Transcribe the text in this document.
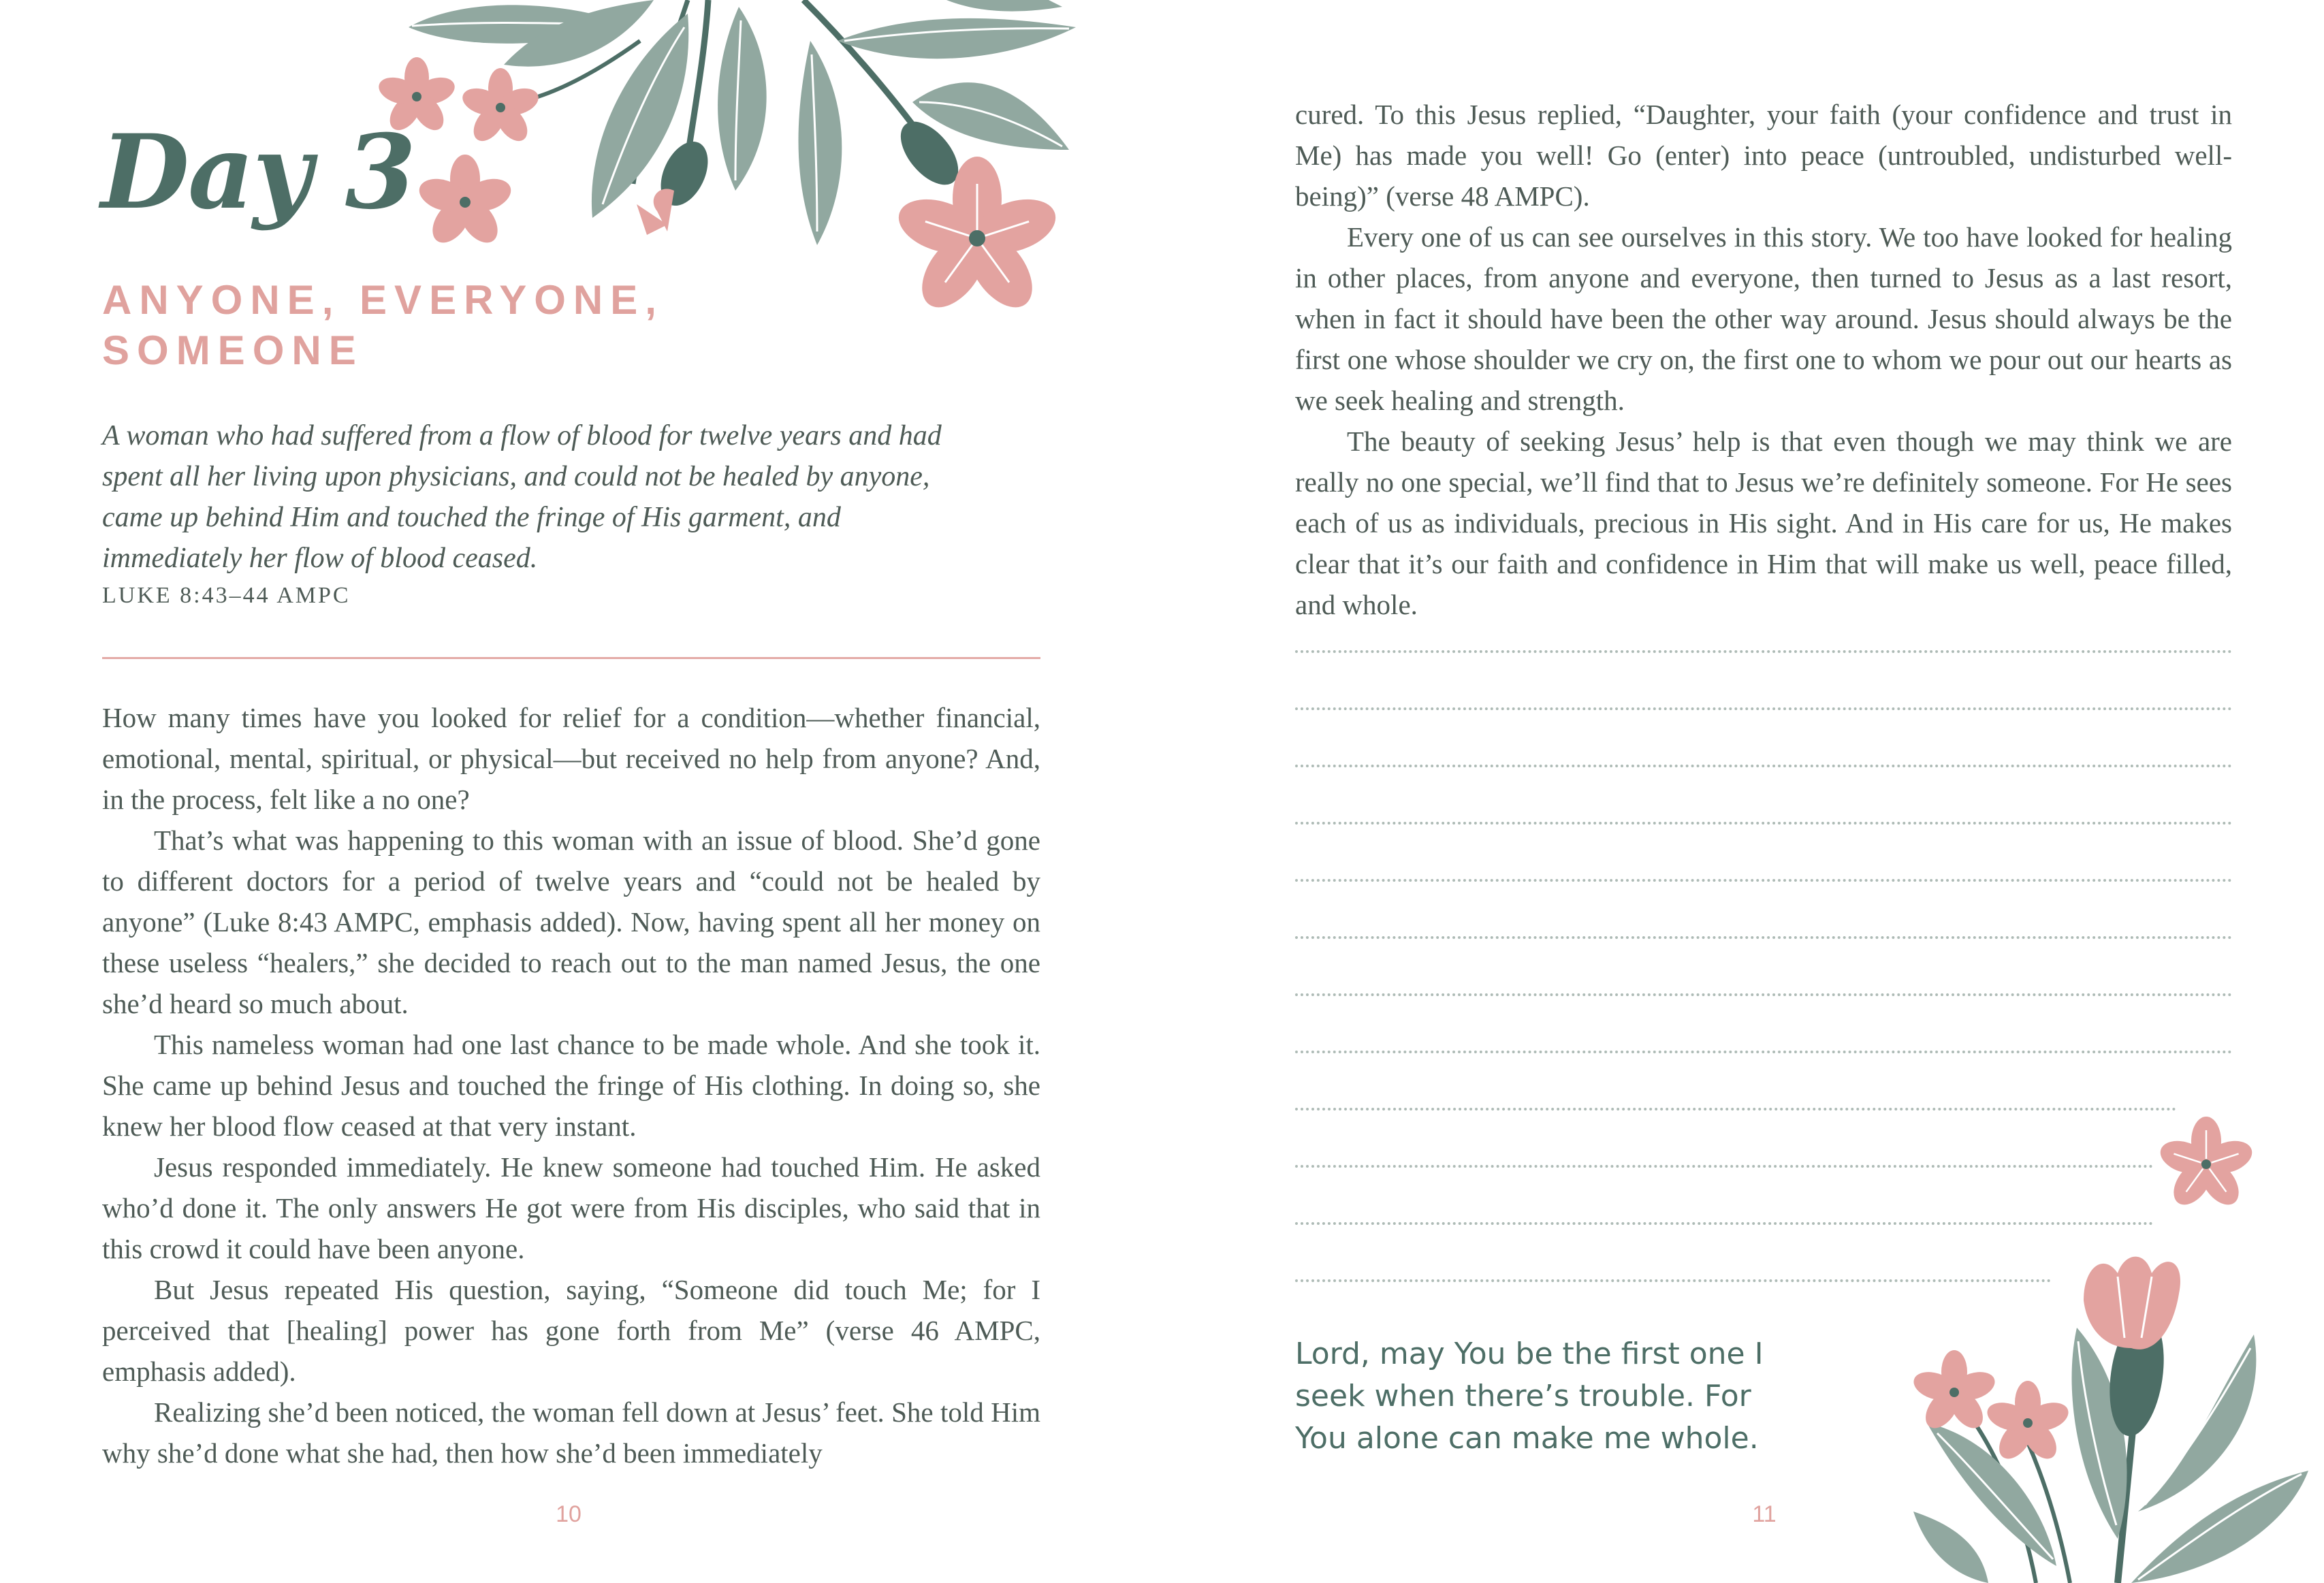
Day 3
ANYONE, EVERYONE,
SOMEONE

A woman who had suffered from a flow of blood for twelve years and had spent all her living upon physicians, and could not be healed by anyone, came up behind Him and touched the fringe of His garment, and immediately her flow of blood ceased.

LUKE 8:43–44 AMPC

How many times have you looked for relief for a condition—whether financial, emotional, mental, spiritual, or physical—but received no help from anyone? And, in the process, felt like a no one?

That’s what was happening to this woman with an issue of blood. She’d gone to different doctors for a period of twelve years and “could not be healed by anyone” (Luke 8:43 AMPC, emphasis added). Now, having spent all her money on these useless “healers,” she decided to reach out to the man named Jesus, the one she’d heard so much about.

This nameless woman had one last chance to be made whole. And she took it. She came up behind Jesus and touched the fringe of His clothing. In doing so, she knew her blood flow ceased at that very instant.

Jesus responded immediately. He knew someone had touched Him. He asked who’d done it. The only answers He got were from His disciples, who said that in this crowd it could have been anyone.

But Jesus repeated His question, saying, “Someone did touch Me; for I perceived that [healing] power has gone forth from Me” (verse 46 AMPC, emphasis added).

Realizing she’d been noticed, the woman fell down at Jesus’ feet. She told Him why she’d done what she had, then how she’d been immediately

10

cured. To this Jesus replied, “Daughter, your faith (your confidence and trust in Me) has made you well! Go (enter) into peace (untroubled, undisturbed well-being)” (verse 48 AMPC).

Every one of us can see ourselves in this story. We too have looked for healing in other places, from anyone and everyone, then turned to Jesus as a last resort, when in fact it should have been the other way around. Jesus should always be the first one whose shoulder we cry on, the first one to whom we pour out our hearts as we seek healing and strength.

The beauty of seeking Jesus’ help is that even though we may think we are really no one special, we’ll find that to Jesus we’re definitely someone. For He sees each of us as individuals, precious in His sight. And in His care for us, He makes clear that it’s our faith and confidence in Him that will make us well, peace filled, and whole.

Lord, may You be the first one I
seek when there’s trouble. For
You alone can make me whole.

11
